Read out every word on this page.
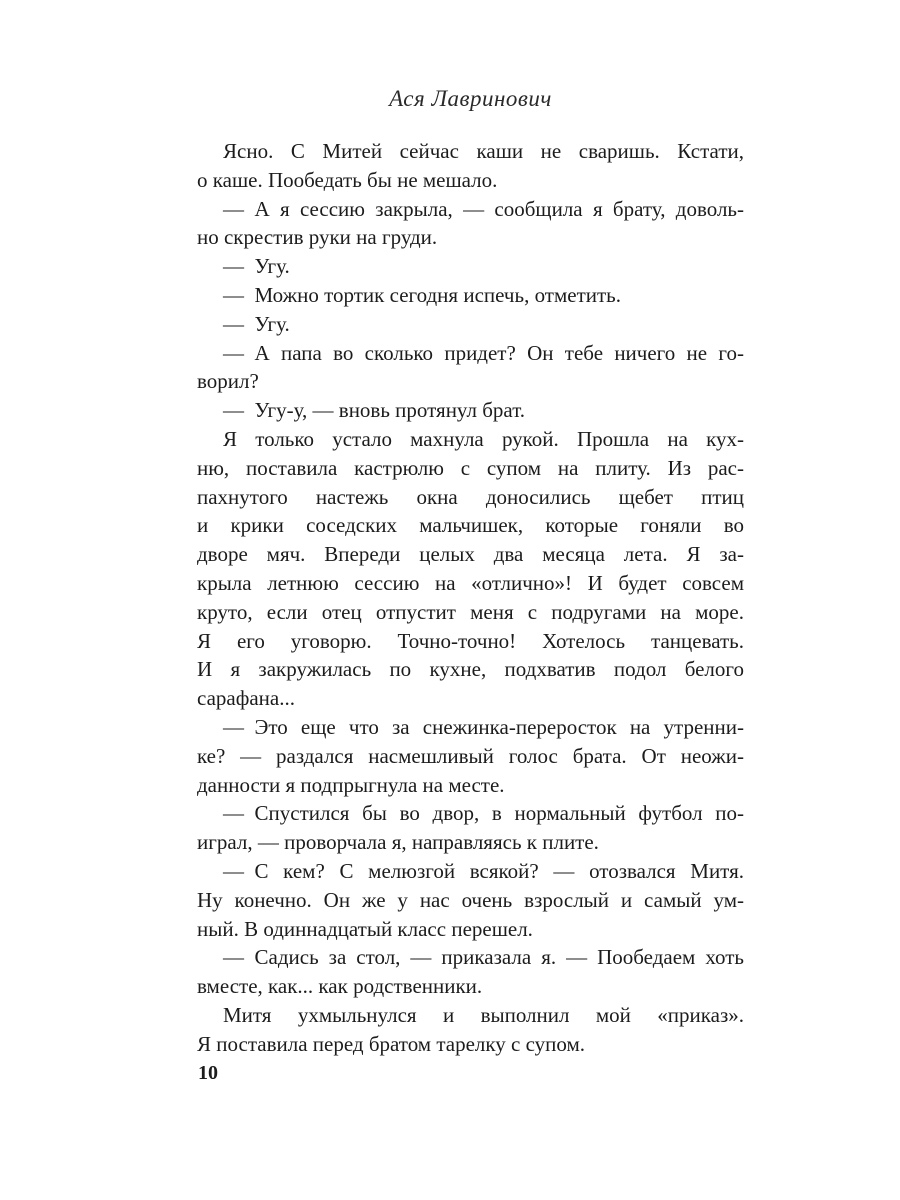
Ася Лавринович
Ясно. С Митей сейчас каши не сваришь. Кстати,
о каше. Пообедать бы не мешало.
— А я сессию закрыла, — сообщила я брату, доволь-
но скрестив руки на груди.
— Угу.
— Можно тортик сегодня испечь, отметить.
— Угу.
— А папа во сколько придет? Он тебе ничего не го-
ворил?
— Угу-у, — вновь протянул брат.
Я только устало махнула рукой. Прошла на кух-
ню, поставила кастрюлю с супом на плиту. Из рас-
пахнутого настежь окна доносились щебет птиц
и крики соседских мальчишек, которые гоняли во
дворе мяч. Впереди целых два месяца лета. Я за-
крыла летнюю сессию на «отлично»! И будет совсем
круто, если отец отпустит меня с подругами на море.
Я его уговорю. Точно-точно! Хотелось танцевать.
И я закружилась по кухне, подхватив подол белого
сарафана...
— Это еще что за снежинка-переросток на утренни-
ке? — раздался насмешливый голос брата. От неожи-
данности я подпрыгнула на месте.
— Спустился бы во двор, в нормальный футбол по-
играл, — проворчала я, направляясь к плите.
— С кем? С мелюзгой всякой? — отозвался Митя.
Ну конечно. Он же у нас очень взрослый и самый ум-
ный. В одиннадцатый класс перешел.
— Садись за стол, — приказала я. — Пообедаем хоть
вместе, как... как родственники.
Митя ухмыльнулся и выполнил мой «приказ».
Я поставила перед братом тарелку с супом.
10
